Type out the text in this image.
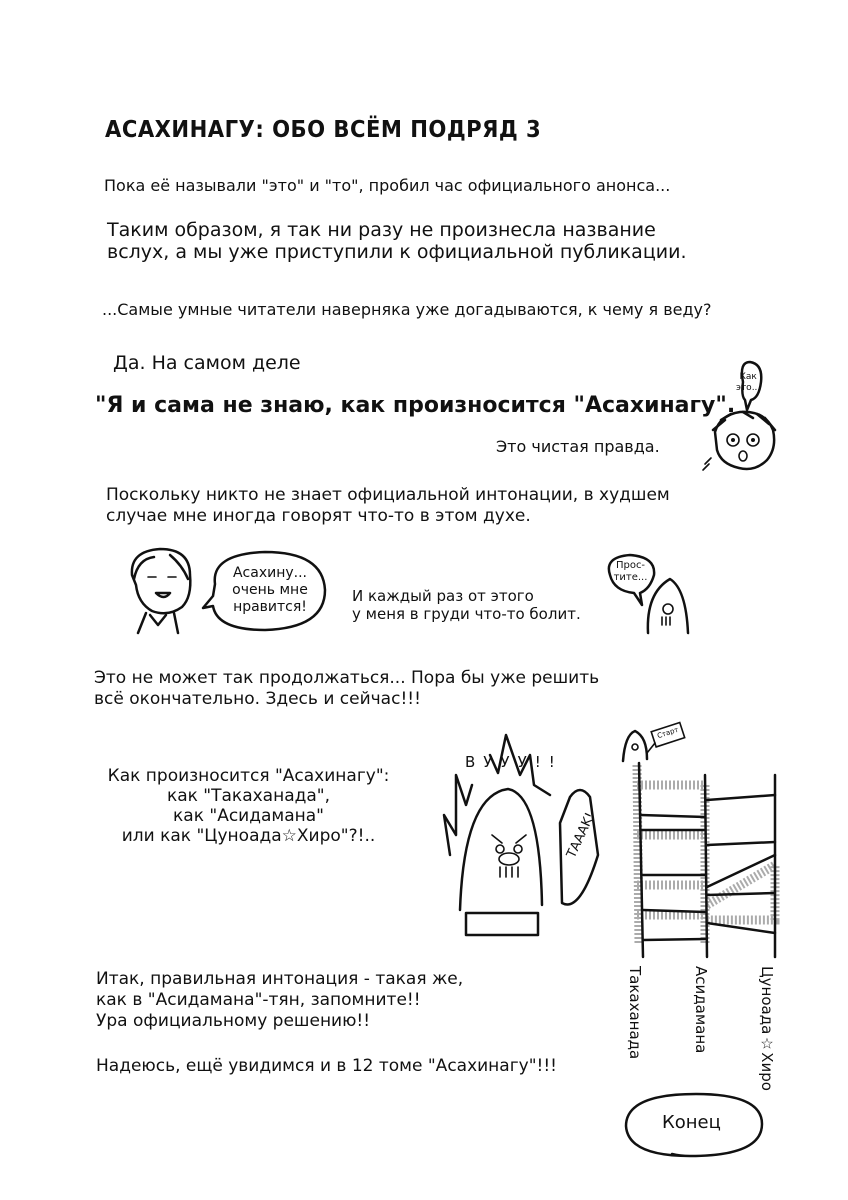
АСАХИНАГУ: ОБО ВСЁМ ПОДРЯД 3
Пока её называли "это" и "то", пробил час официального анонса...
Таким образом, я так ни разу не произнесла название
вслух, а мы уже приступили к официальной публикации.
...Самые умные читатели наверняка уже догадываются, к чему я веду?
Да. На самом деле
"Я и сама не знаю, как произносится "Асахинагу".
Это чистая правда.
Как
это...
Поскольку никто не знает официальной интонации, в худшем
случае мне иногда говорят что-то в этом духе.
Асахину...
очень мне
нравится!
И каждый раз от этого
у меня в груди что-то болит.
Прос-
тите...
Это не может так продолжаться... Пора бы уже решить
всё окончательно. Здесь и сейчас!!!
Как произносится "Асахинагу":
как "Такаханада",
как "Асидамана"
или как "Цуноада☆Хиро"?!..
ВУУУ!!
ТААAK!
Старт
Такаханада	Асидамана	Цуноада☆Хиро
Итак, правильная интонация - такая же,
как в "Асидамана"-тян, запомните!!
Ура официальному решению!!
Надеюсь, ещё увидимся и в 12 томе "Асахинагу"!!!
Конец
